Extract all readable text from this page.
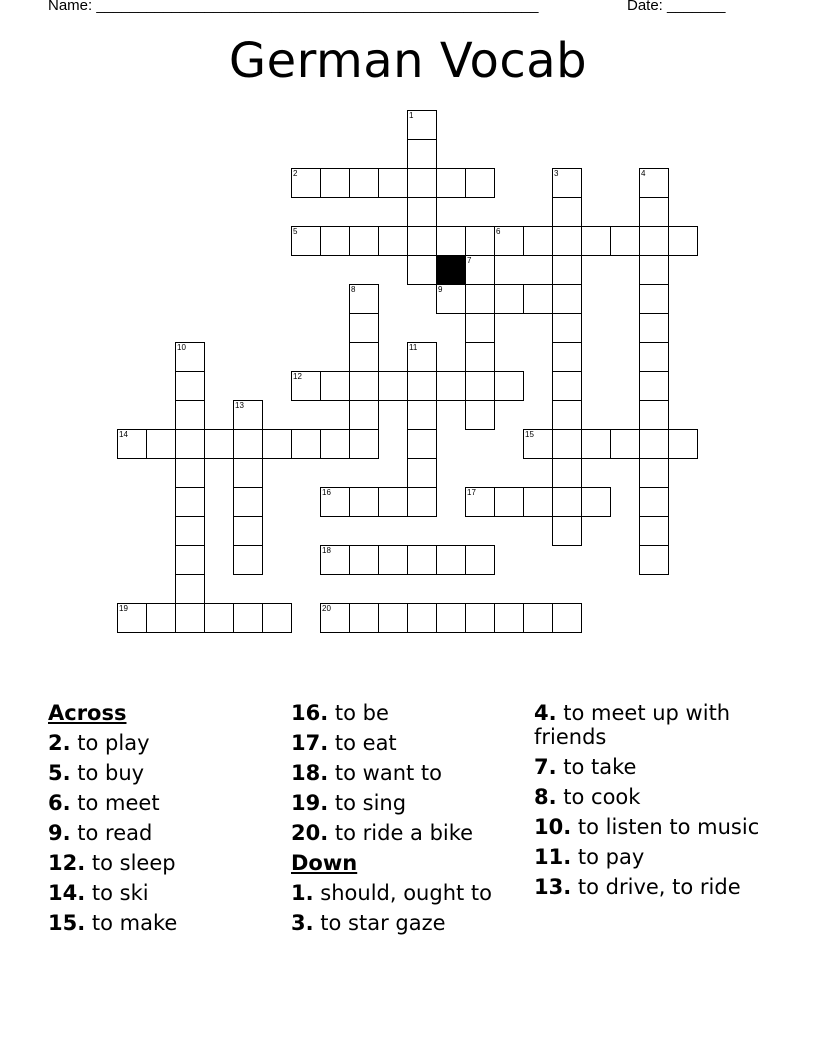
Name: _____________________________________________________	Date: _______
German Vocab
2
5	6
9
12
14	15
16	17
18
19	20
1
3	4
7
8
10	11
13
Across
2. to play
5. to buy
6. to meet
9. to read
12. to sleep
14. to ski
15. to make
16. to be
17. to eat
18. to want to
19. to sing
20. to ride a bike
Down
1. should, ought to
3. to star gaze
4. to meet up with friends
7. to take
8. to cook
10. to listen to music
11. to pay
13. to drive, to ride
